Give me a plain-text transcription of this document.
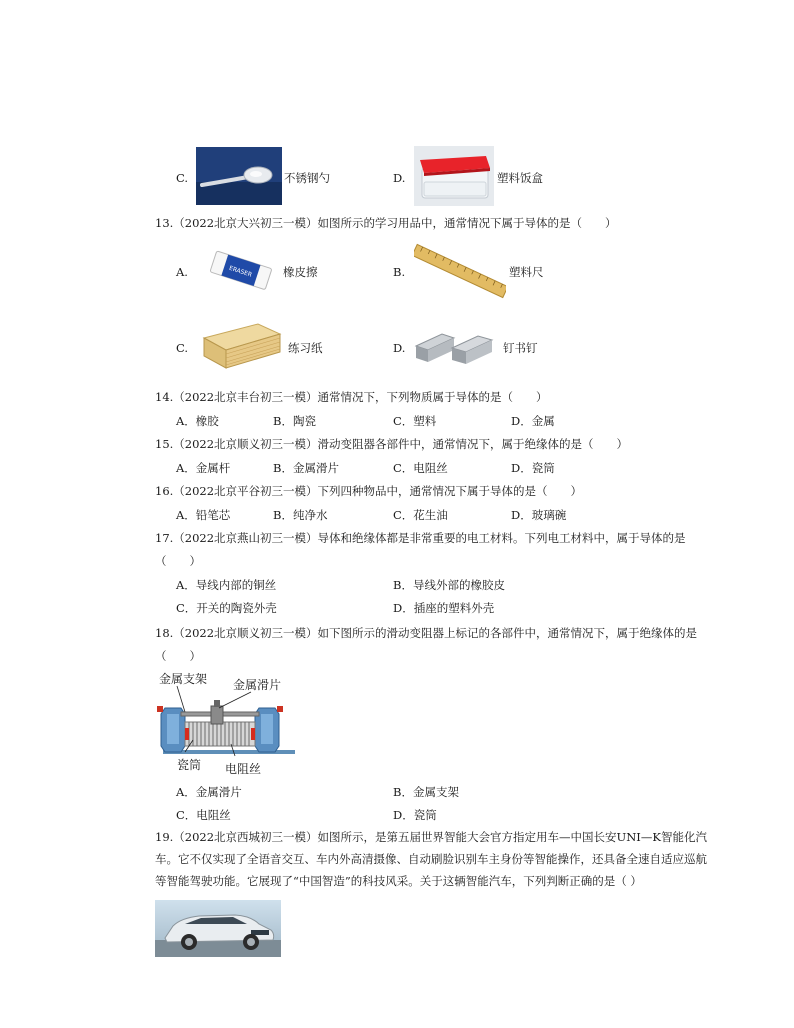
C.	不锈钢勺	D.	塑料饭盒
13.（2022北京大兴初三一模）如图所示的学习用品中，通常情况下属于导体的是（　　）
A.	ERASER	橡皮擦	B.	塑料尺
C.	练习纸	D.	钉书钉
14.（2022北京丰台初三一模）通常情况下，下列物质属于导体的是（　　）
A．橡胶	B．陶瓷	C．塑料	D．金属
15.（2022北京顺义初三一模）滑动变阻器各部件中，通常情况下，属于绝缘体的是（　　）
A．金属杆	B．金属滑片	C．电阻丝	D．瓷筒
16.（2022北京平谷初三一模）下列四种物品中，通常情况下属于导体的是（　　）
A．铅笔芯	B．纯净水	C．花生油	D．玻璃碗
17.（2022北京燕山初三一模）导体和绝缘体都是非常重要的电工材料。下列电工材料中，属于导体的是
（　　）
A．导线内部的铜丝	B．导线外部的橡胶皮
C．开关的陶瓷外壳	D．插座的塑料外壳
18.（2022北京顺义初三一模）如下图所示的滑动变阻器上标记的各部件中，通常情况下，属于绝缘体的是
（　　）
金属支架 金属滑片
瓷筒 电阻丝
A．金属滑片	B．金属支架
C．电阻丝	D．瓷筒
19.（2022北京西城初三一模）如图所示，是第五届世界智能大会官方指定用车—中国长安UNI—K智能化汽车。它不仅实现了全语音交互、车内外高清摄像、自动刷脸识别车主身份等智能操作，还具备全速自适应巡航等智能驾驶功能。它展现了“中国智造”的科技风采。关于这辆智能汽车，下列判断正确的是（ ）
